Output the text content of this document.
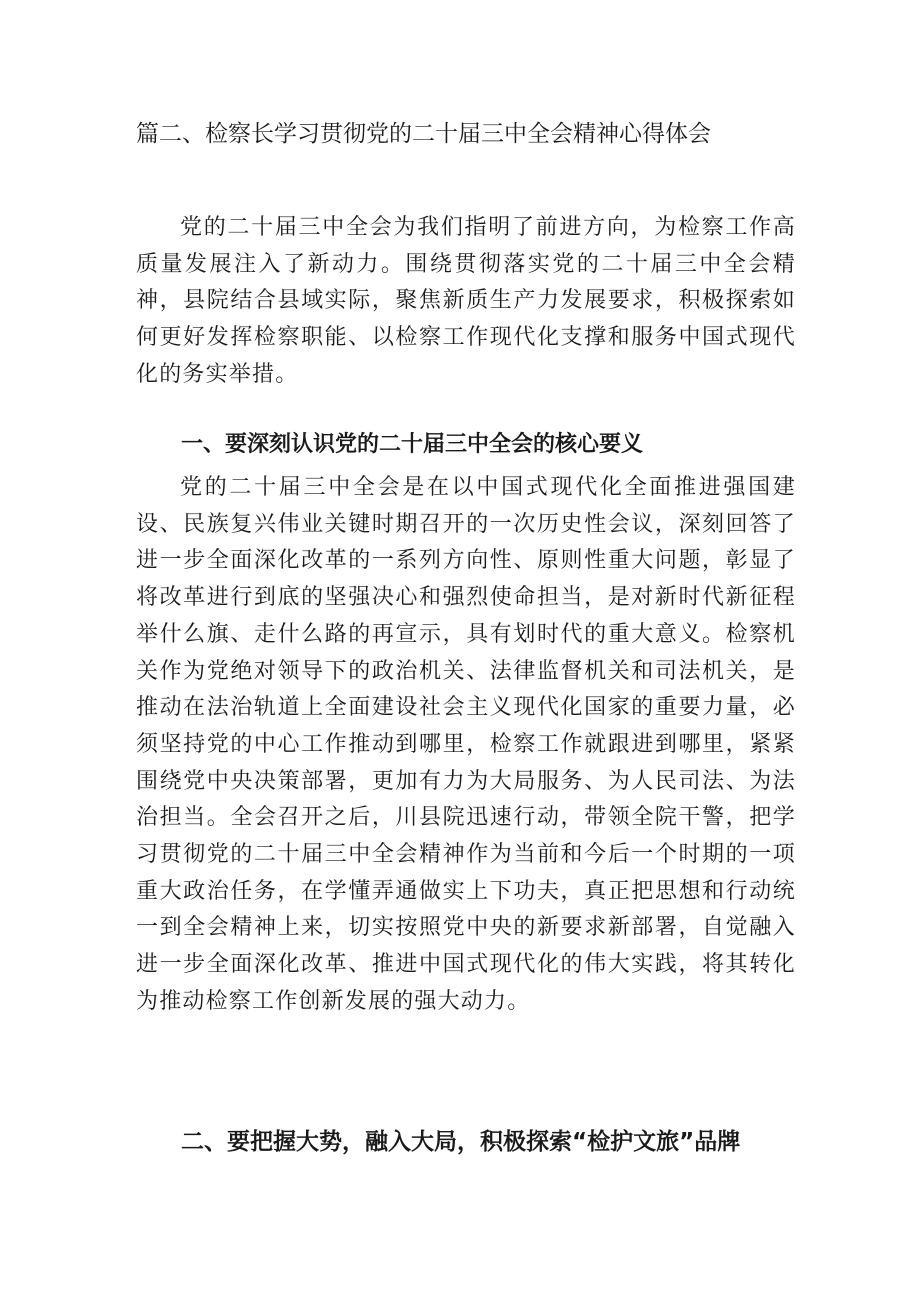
篇二、检察长学习贯彻党的二十届三中全会精神心得体会

党的二十届三中全会为我们指明了前进方向，为检察工作高质量发展注入了新动力。围绕贯彻落实党的二十届三中全会精神，县院结合县域实际，聚焦新质生产力发展要求，积极探索如何更好发挥检察职能、以检察工作现代化支撑和服务中国式现代化的务实举措。

一、要深刻认识党的二十届三中全会的核心要义

党的二十届三中全会是在以中国式现代化全面推进强国建设、民族复兴伟业关键时期召开的一次历史性会议，深刻回答了进一步全面深化改革的一系列方向性、原则性重大问题，彰显了将改革进行到底的坚强决心和强烈使命担当，是对新时代新征程举什么旗、走什么路的再宣示，具有划时代的重大意义。检察机关作为党绝对领导下的政治机关、法律监督机关和司法机关，是推动在法治轨道上全面建设社会主义现代化国家的重要力量，必须坚持党的中心工作推动到哪里，检察工作就跟进到哪里，紧紧围绕党中央决策部署，更加有力为大局服务、为人民司法、为法治担当。全会召开之后，川县院迅速行动，带领全院干警，把学习贯彻党的二十届三中全会精神作为当前和今后一个时期的一项重大政治任务，在学懂弄通做实上下功夫，真正把思想和行动统一到全会精神上来，切实按照党中央的新要求新部署，自觉融入进一步全面深化改革、推进中国式现代化的伟大实践，将其转化为推动检察工作创新发展的强大动力。

二、要把握大势，融入大局，积极探索“检护文旅”品牌
